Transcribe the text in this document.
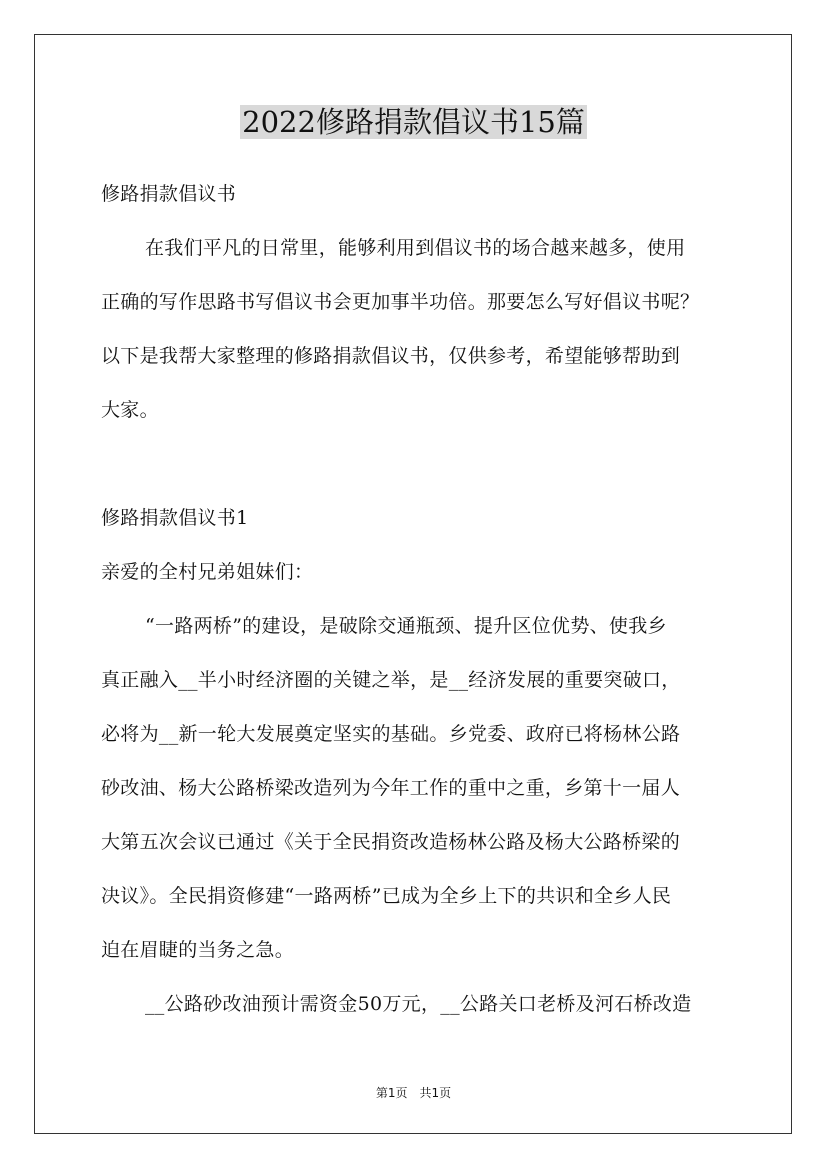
2022修路捐款倡议书15篇
修路捐款倡议书
在我们平凡的日常里，能够利用到倡议书的场合越来越多，使用
正确的写作思路书写倡议书会更加事半功倍。那要怎么写好倡议书呢？
以下是我帮大家整理的修路捐款倡议书，仅供参考，希望能够帮助到
大家。
修路捐款倡议书1
亲爱的全村兄弟姐妹们：
“一路两桥”的建设，是破除交通瓶颈、提升区位优势、使我乡
真正融入__半小时经济圈的关键之举，是__经济发展的重要突破口，
必将为__新一轮大发展奠定坚实的基础。乡党委、政府已将杨林公路
砂改油、杨大公路桥梁改造列为今年工作的重中之重，乡第十一届人
大第五次会议已通过《关于全民捐资改造杨林公路及杨大公路桥梁的
决议》。全民捐资修建“一路两桥”已成为全乡上下的共识和全乡人民
迫在眉睫的当务之急。
__公路砂改油预计需资金50万元，__公路关口老桥及河石桥改造
第1页　共1页
